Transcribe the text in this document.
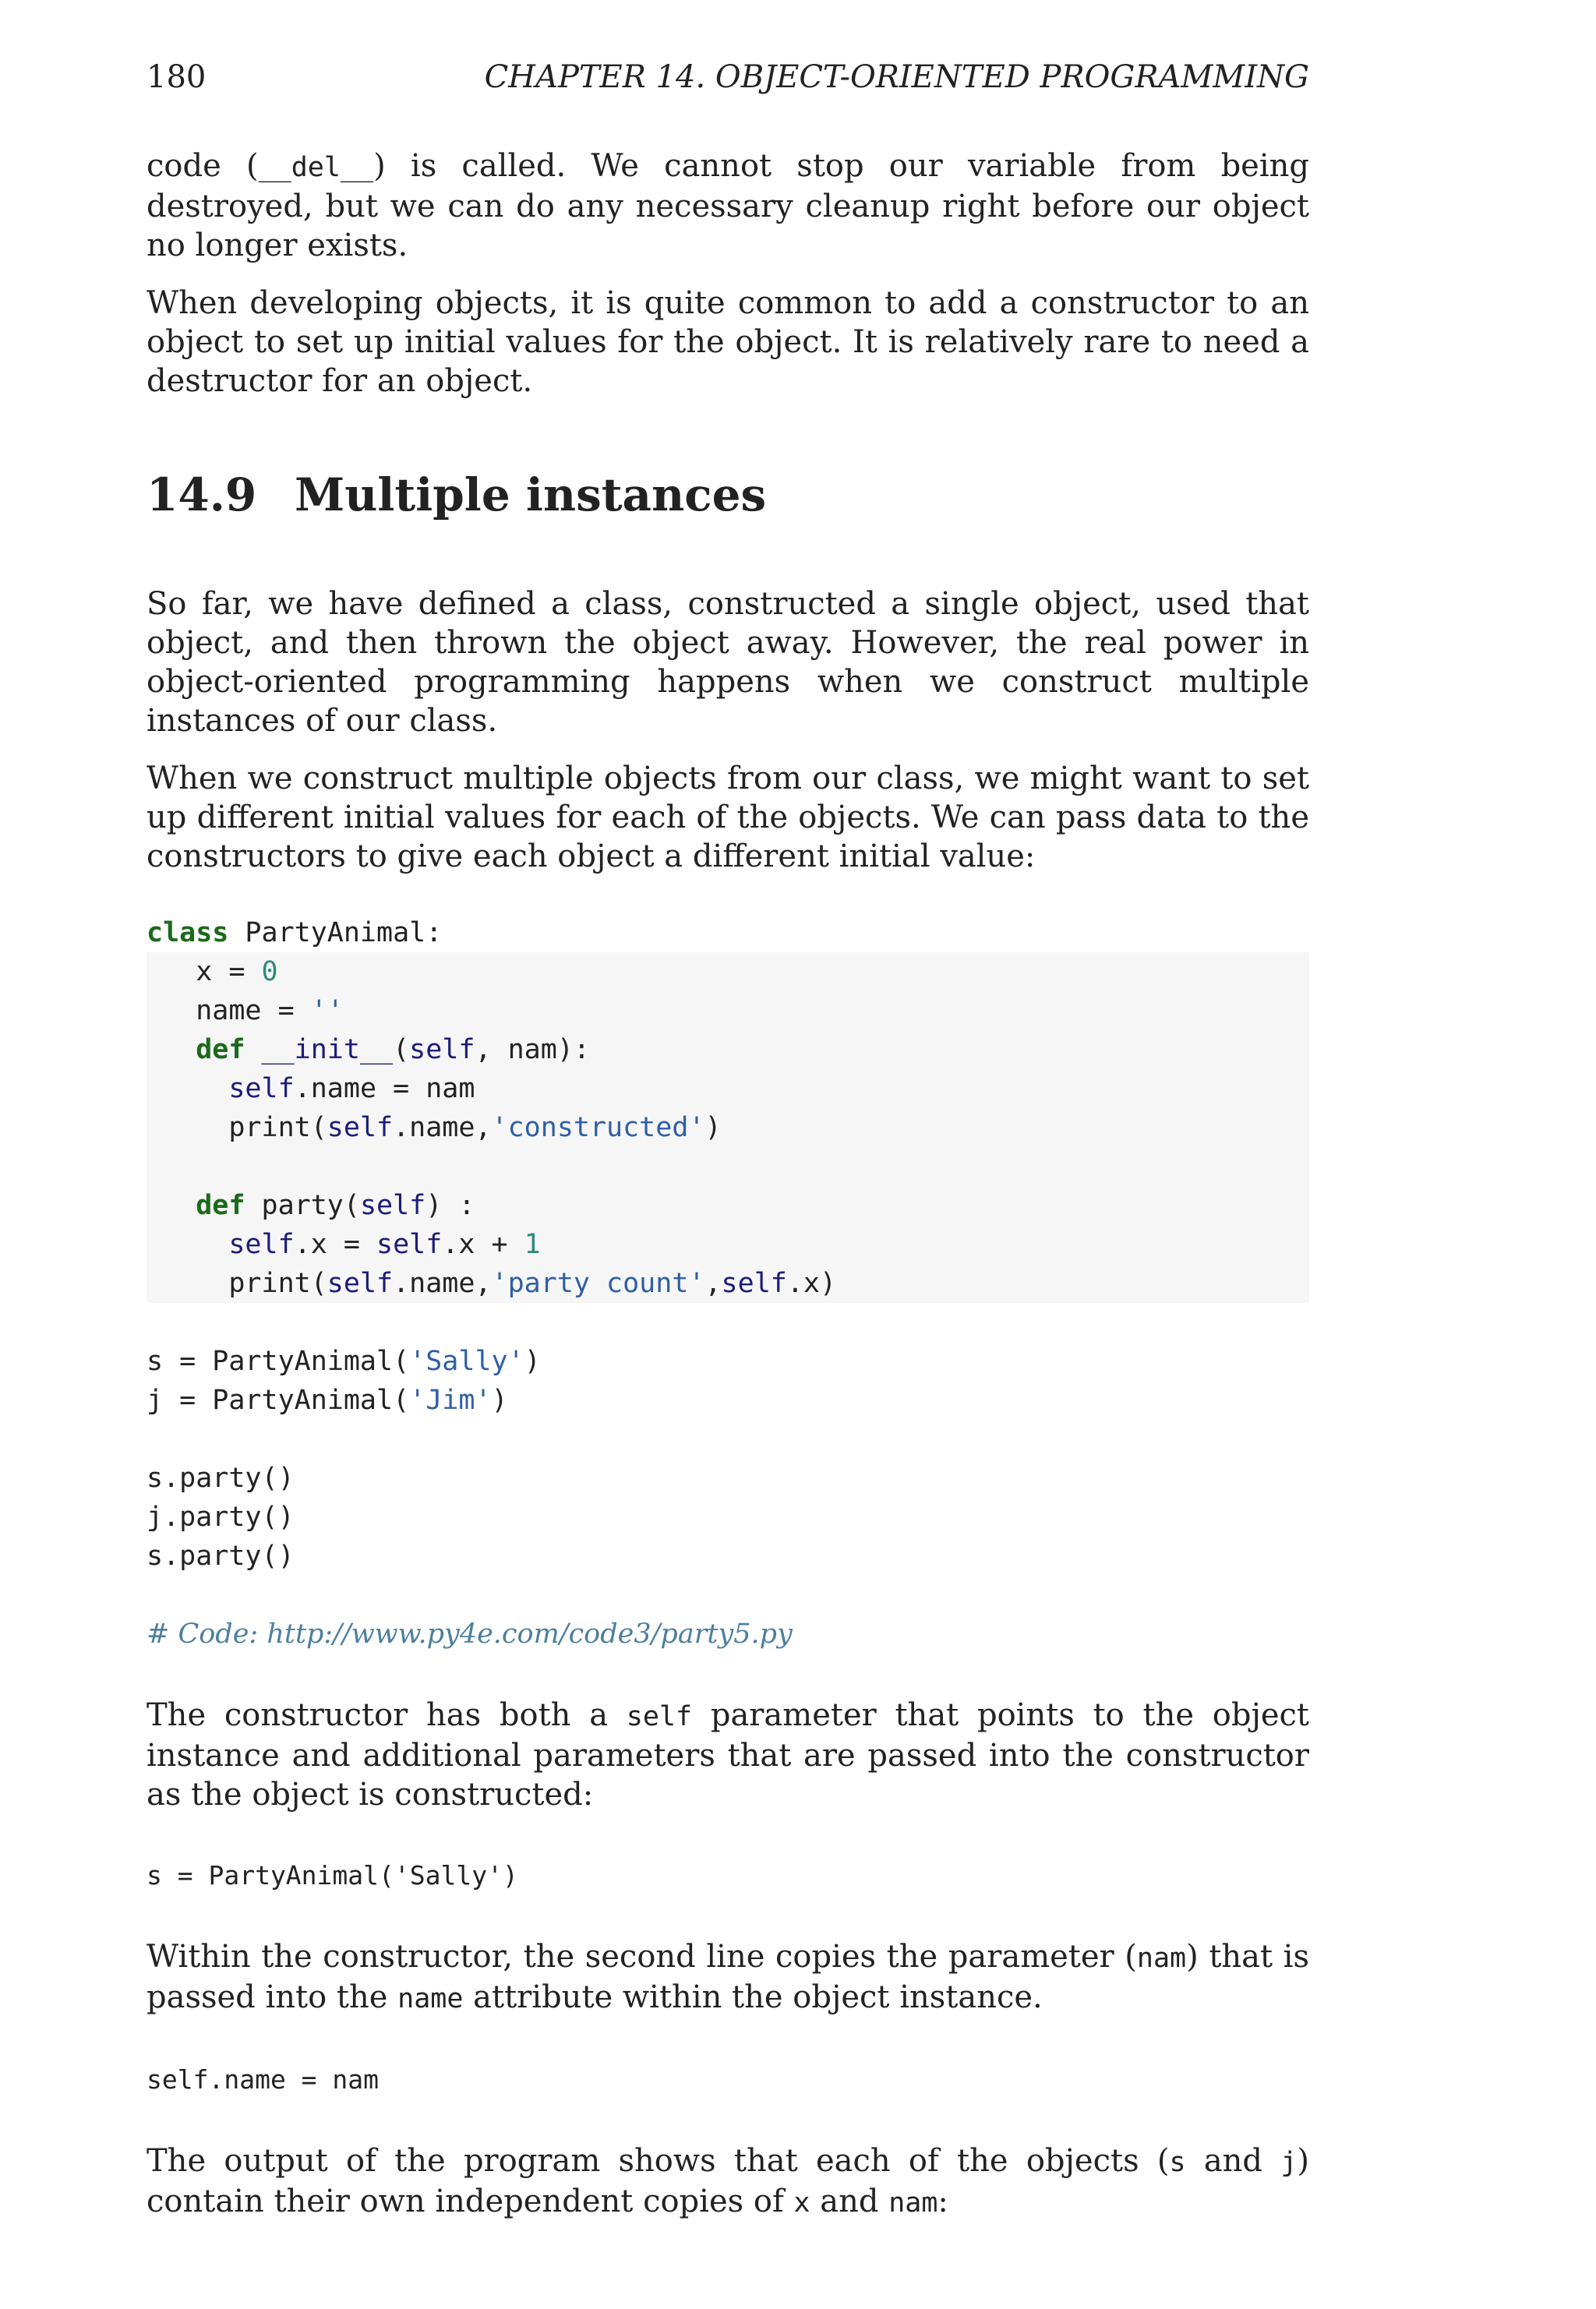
180	CHAPTER 14. OBJECT-ORIENTED PROGRAMMING

code (__del__) is called. We cannot stop our variable from being destroyed, but we can do any necessary cleanup right before our object no longer exists.

When developing objects, it is quite common to add a constructor to an object to set up initial values for the object. It is relatively rare to need a destructor for an object.

14.9 Multiple instances

So far, we have defined a class, constructed a single object, used that object, and then thrown the object away. However, the real power in object-oriented programming happens when we construct multiple instances of our class.

When we construct multiple objects from our class, we might want to set up different initial values for each of the objects. We can pass data to the constructors to give each object a different initial value:

class PartyAnimal:
x = 0
name = ''
def __init__(self, nam):
self.name = nam
print(self.name,'constructed')

def party(self) :
self.x = self.x + 1
print(self.name,'party count',self.x)

s = PartyAnimal('Sally')
j = PartyAnimal('Jim')

s.party()
j.party()
s.party()

# Code: http://www.py4e.com/code3/party5.py

The constructor has both a self parameter that points to the object instance and additional parameters that are passed into the constructor as the object is constructed:

s = PartyAnimal('Sally')

Within the constructor, the second line copies the parameter (nam) that is passed into the name attribute within the object instance.

self.name = nam

The output of the program shows that each of the objects (s and j) contain their own independent copies of x and nam:
